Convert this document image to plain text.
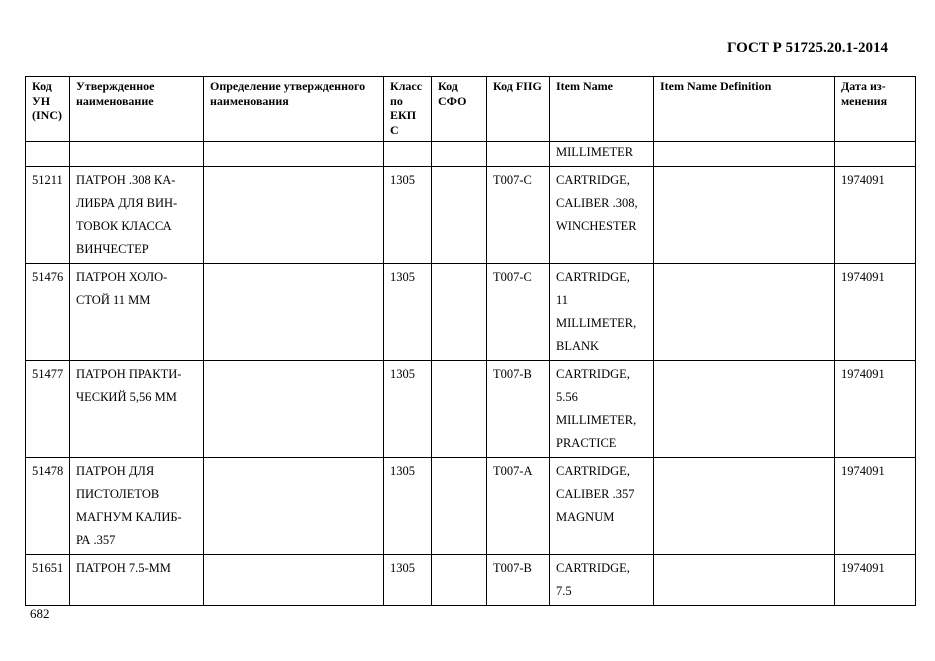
ГОСТ Р 51725.20.1-2014
Код УН (INC)	Утвержденное наименование	Определение утвержденного наименования	Класс по ЕКП С	Код СФО	Код FIIG	Item Name	Item Name Definition	Дата из- менения

						MILLIMETER		

51211	ПАТРОН .308 КА-
ЛИБРА ДЛЯ ВИН-
ТОВОК КЛАССА
ВИНЧЕСТЕР		1305		T007-C	CARTRIDGE,
CALIBER .308,
WINCHESTER		1974091

51476	ПАТРОН ХОЛО-
СТОЙ 11 ММ		1305		T007-C	CARTRIDGE,
11
MILLIMETER,
BLANK		1974091

51477	ПАТРОН ПРАКТИ-
ЧЕСКИЙ 5,56 ММ		1305		T007-B	CARTRIDGE,
5.56
MILLIMETER,
PRACTICE		1974091

51478	ПАТРОН ДЛЯ
ПИСТОЛЕТОВ
МАГНУМ КАЛИБ-
РА .357		1305		T007-A	CARTRIDGE,
CALIBER .357
MAGNUM		1974091

51651	ПАТРОН 7.5-ММ		1305		T007-B	CARTRIDGE,
7.5		1974091
682
